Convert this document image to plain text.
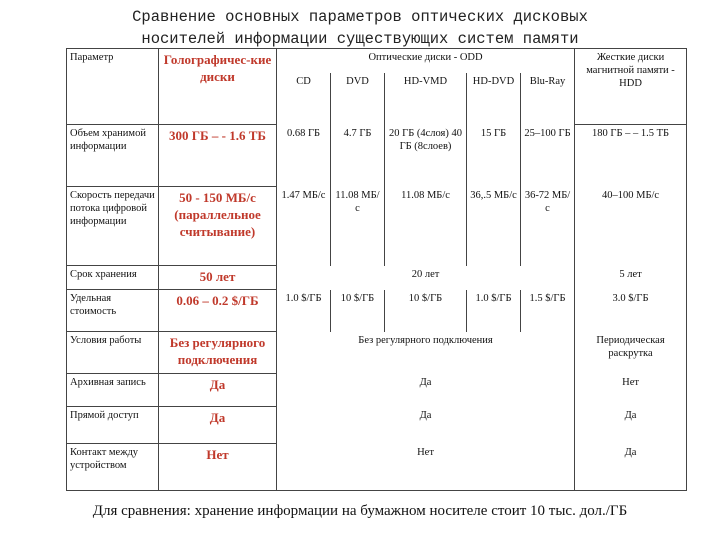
Сравнение основных параметров оптических дисковых
носителей информации существующих систем памяти
Параметр	Голографичес-кие диски	Оптические диски - ODD					Жесткие диски магнитной памяти - HDD
		CD	DVD	HD-VMD	HD-DVD	Blu-Ray	
Объем хранимой информации	300 ГБ – - 1.6 ТБ	0.68 ГБ	4.7 ГБ	20 ГБ (4слоя) 40 ГБ (8слоев)	15 ГБ	25–100 ГБ	180 ГБ – – 1.5 ТБ
Скорость передачи потока цифровой информации	50 - 150 МБ/с (параллельное считывание)	1.47 МБ/с	11.08 МБ/с	11.08 МБ/с	36,.5 МБ/с	36-72 МБ/с	40–100 МБ/с
Срок хранения	50 лет	20 лет					5 лет
Удельная стоимость	0.06 – 0.2 $/ГБ	1.0 $/ГБ	10 $/ГБ	10 $/ГБ	1.0 $/ГБ	1.5 $/ГБ	3.0 $/ГБ
Условия работы	Без регулярного подключения	Без регулярного подключения					Периодическая раскрутка
Архивная запись	Да	Да					Нет
Прямой доступ	Да	Да					Да
Контакт между устройством	Нет	Нет					Да
Для сравнения: хранение информации на бумажном носителе стоит 10 тыс. дол./ГБ
